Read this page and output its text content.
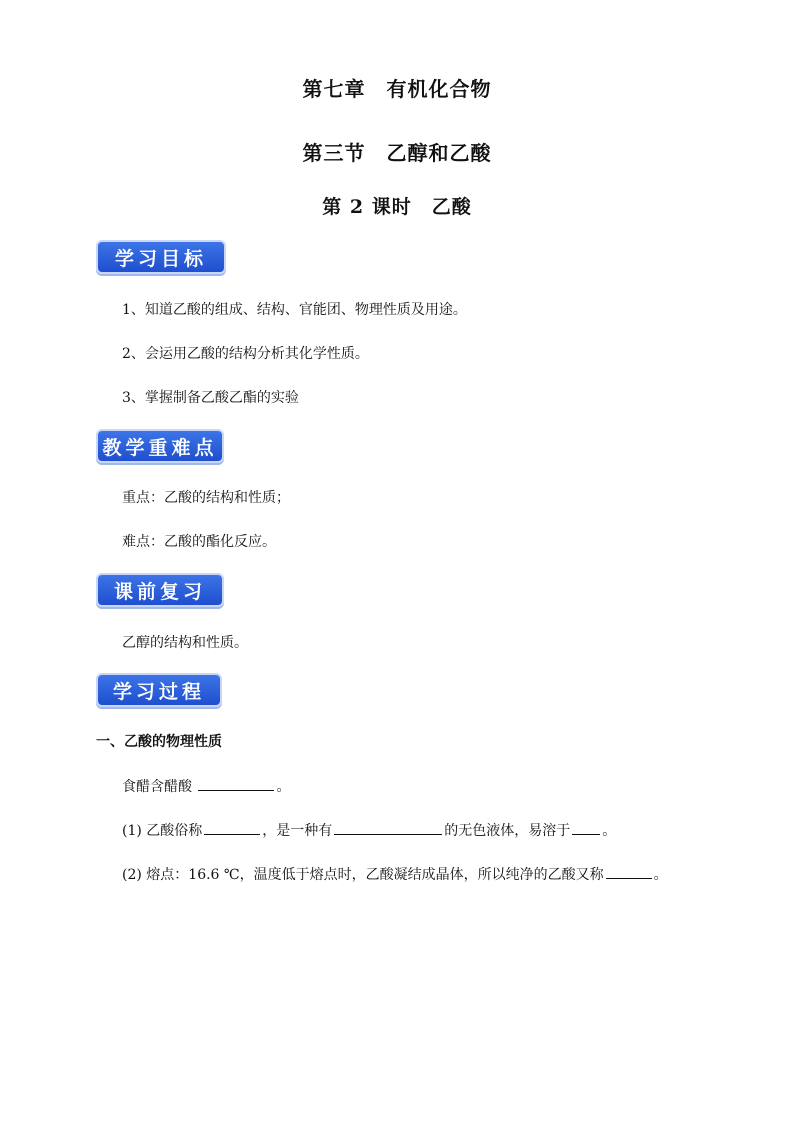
第七章　有机化合物
第三节　乙醇和乙酸
第 2 课时　乙酸
学习目标
1、知道乙酸的组成、结构、官能团、物理性质及用途。
2、会运用乙酸的结构分析其化学性质。
3、掌握制备乙酸乙酯的实验
教学重难点
重点：乙酸的结构和性质；
难点：乙酸的酯化反应。
课前复习
乙醇的结构和性质。
学习过程
一、乙酸的物理性质
食醋含醋酸	。
(1) 乙酸俗称	，是一种有	的无色液体，易溶于 。
(2) 熔点：16.6 ℃，温度低于熔点时，乙酸凝结成晶体，所以纯净的乙酸又称	。
